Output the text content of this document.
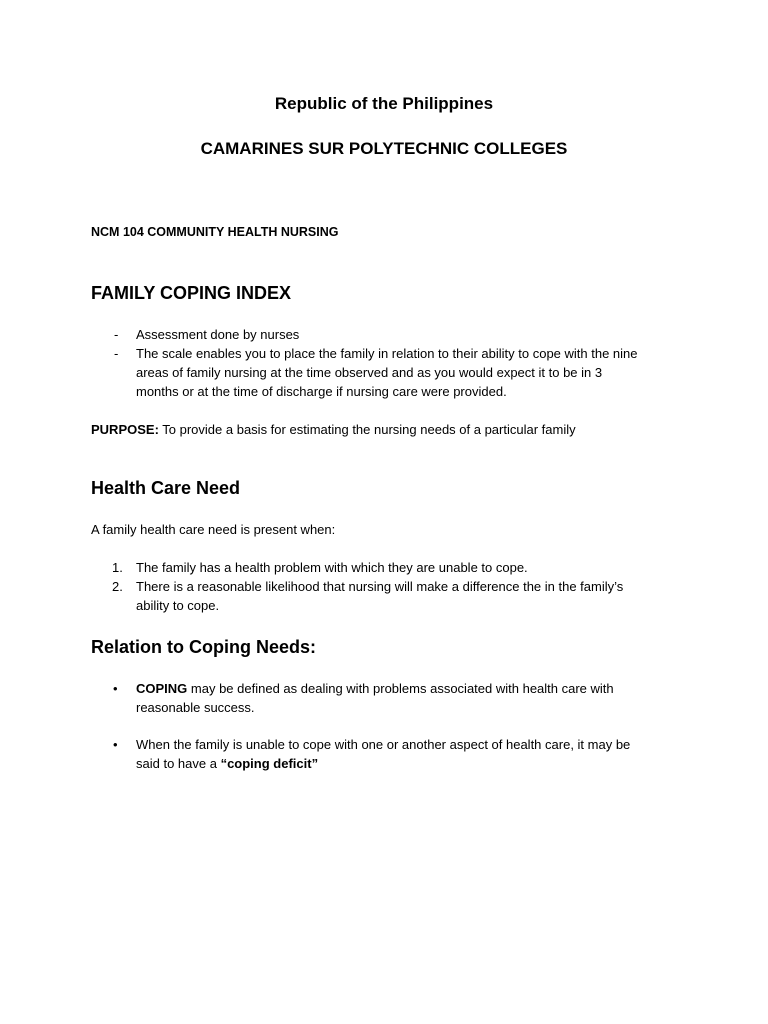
Republic of the Philippines
CAMARINES SUR POLYTECHNIC COLLEGES
NCM 104 COMMUNITY HEALTH NURSING
FAMILY COPING INDEX
-	Assessment done by nurses
-	The scale enables you to place the family in relation to their ability to cope with the nine
areas of family nursing at the time observed and as you would expect it to be in 3
months or at the time of discharge if nursing care were provided.
PURPOSE: To provide a basis for estimating the nursing needs of a particular family
Health Care Need
A family health care need is present when:
1.	The family has a health problem with which they are unable to cope.
2.	There is a reasonable likelihood that nursing will make a difference the in the family’s
ability to cope.
Relation to Coping Needs:
•	COPING may be defined as dealing with problems associated with health care with
reasonable success.
•	When the family is unable to cope with one or another aspect of health care, it may be
said to have a “coping deficit”
